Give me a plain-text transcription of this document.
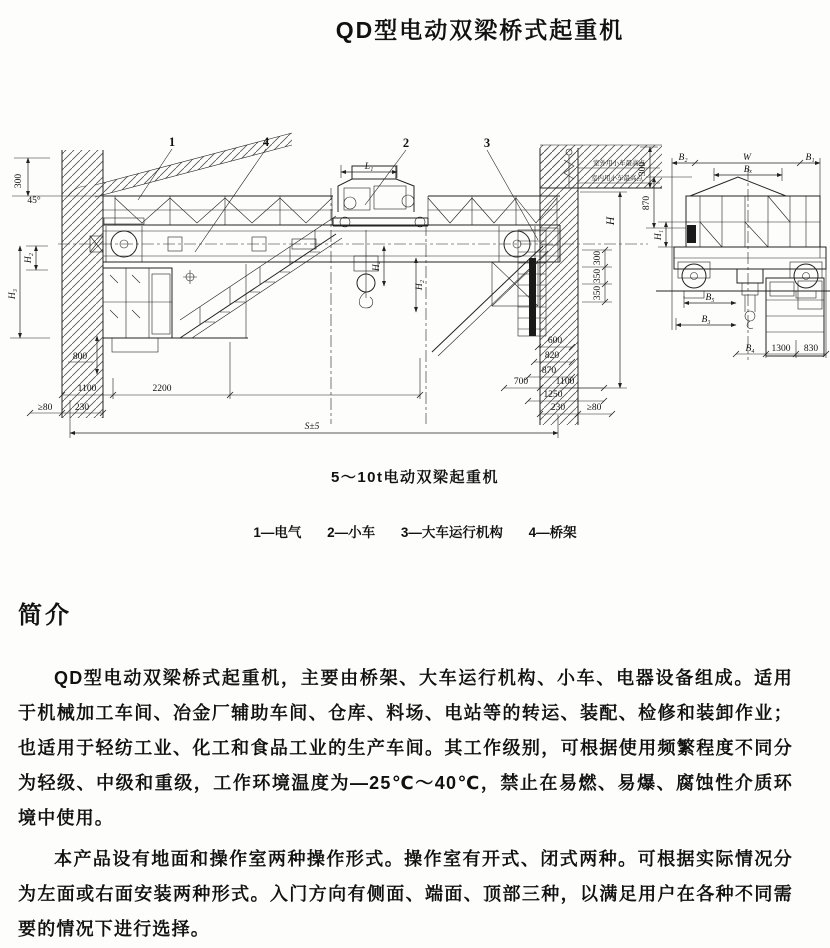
QD型电动双梁桥式起重机
室外用小车最高点
室内用小车最高点
1	4	2	3
300
45°
H₂
H₃
800
1100	2200
≥80 230
S±5
L₁
H₄
H₂
300
H
300
350
350
600
820
870
700	1100
1250
230 ≥80
B₂	W	B₁
Bₓ
870
H₁
B₅
B₃
B₄ 1300 830
5～10t电动双梁起重机
1—电气 2—小车 3—大车运行机构 4—桥架
简介

QD型电动双梁桥式起重机，主要由桥架、大车运行机构、小车、电器设备组成。适用于机械加工车间、冶金厂辅助车间、仓库、料场、电站等的转运、装配、检修和装卸作业；也适用于轻纺工业、化工和食品工业的生产车间。其工作级别，可根据使用频繁程度不同分为轻级、中级和重级，工作环境温度为—25℃～40℃，禁止在易燃、易爆、腐蚀性介质环境中使用。

本产品设有地面和操作室两种操作形式。操作室有开式、闭式两种。可根据实际情况分为左面或右面安装两种形式。入门方向有侧面、端面、顶部三种，以满足用户在各种不同需要的情况下进行选择。
